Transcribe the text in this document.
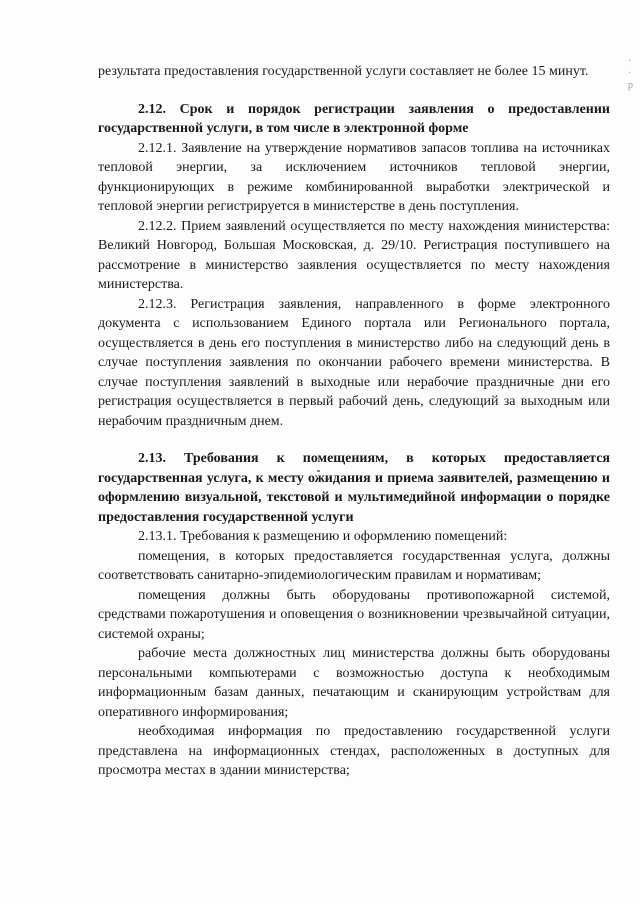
·
·
р

результата предоставления государственной услуги составляет не более 15 минут.

2.12. Срок и порядок регистрации заявления о предоставлении государственной услуги, в том числе в электронной форме

2.12.1. Заявление на утверждение нормативов запасов топлива на источниках тепловой энергии, за исключением источников тепловой энергии, функционирующих в режиме комбинированной выработки электрической и тепловой энергии регистрируется в министерстве в день поступления.

2.12.2. Прием заявлений осуществляется по месту нахождения министерства: Великий Новгород, Большая Московская, д. 29/10. Регистрация поступившего на рассмотрение в министерство заявления осуществляется по месту нахождения министерства.

2.12.3. Регистрация заявления, направленного в форме электронного документа с использованием Единого портала или Регионального портала, осуществляется в день его поступления в министерство либо на следующий день в случае поступления заявления по окончании рабочего времени министерства. В случае поступления заявлений в выходные или нерабочие праздничные дни его регистрация осуществляется в первый рабочий день, следующий за выходным или нерабочим праздничным днем.

2.13. Требования к помещениям, в которых предоставляется государственная услуга, к месту ожидания и приема заявителей, размещению и оформлению визуальной, текстовой и мультимедийной информации о порядке предоставления государственной услуги

2.13.1. Требования к размещению и оформлению помещений:

помещения, в которых предоставляется государственная услуга, должны соответствовать санитарно-эпидемиологическим правилам и нормативам;

помещения должны быть оборудованы противопожарной системой, средствами пожаротушения и оповещения о возникновении чрезвычайной ситуации, системой охраны;

рабочие места должностных лиц министерства должны быть оборудованы персональными компьютерами с возможностью доступа к необходимым информационным базам данных, печатающим и сканирующим устройствам для оперативного информирования;

необходимая информация по предоставлению государственной услуги представлена на информационных стендах, расположенных в доступных для просмотра местах в здании министерства;
